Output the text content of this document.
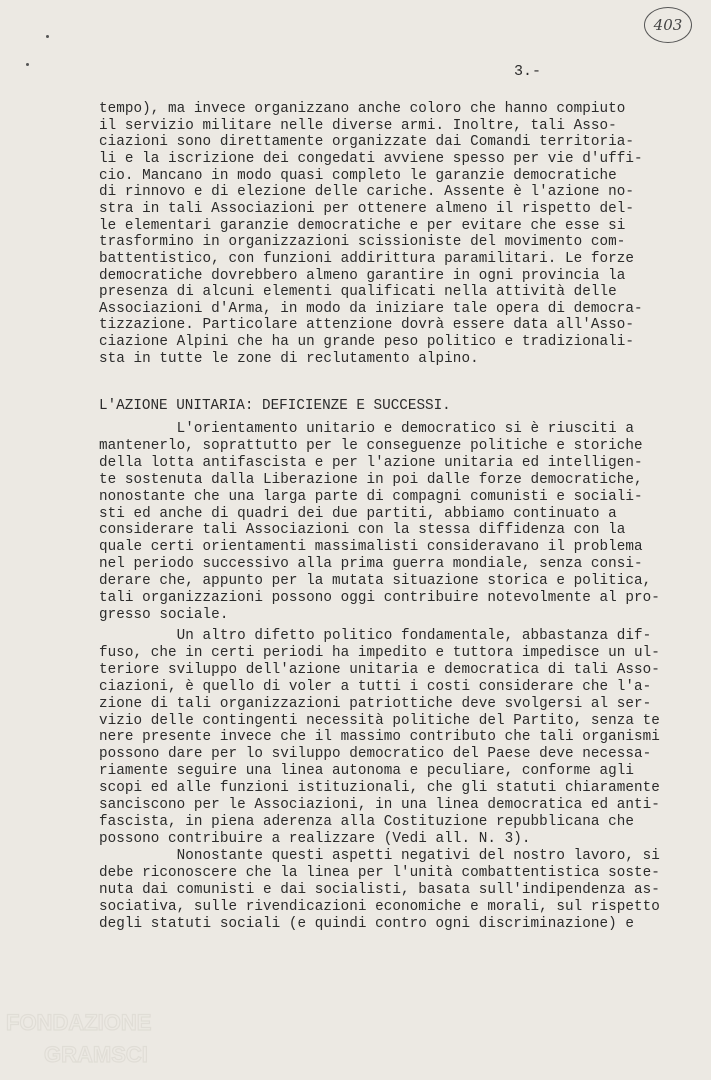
403
3.-
tempo), ma invece organizzano anche coloro che hanno compiuto
il servizio militare nelle diverse armi. Inoltre, tali Asso-
ciazioni sono direttamente organizzate dai Comandi territoria-
li e la iscrizione dei congedati avviene spesso per vie d'uffi-
cio. Mancano in modo quasi completo le garanzie democratiche
di rinnovo e di elezione delle cariche. Assente è l'azione no-
stra in tali Associazioni per ottenere almeno il rispetto del-
le elementari garanzie democratiche e per evitare che esse si
trasformino in organizzazioni scissioniste del movimento com-
battentistico, con funzioni addirittura paramilitari. Le forze
democratiche dovrebbero almeno garantire in ogni provincia la
presenza di alcuni elementi qualificati nella attività delle
Associazioni d'Arma, in modo da iniziare tale opera di democra-
tizzazione. Particolare attenzione dovrà essere data all'Asso-
ciazione Alpini che ha un grande peso politico e tradizionali-
sta in tutte le zone di reclutamento alpino.
L'AZIONE UNITARIA: DEFICIENZE E SUCCESSI.
L'orientamento unitario e democratico si è riusciti a
mantenerlo, soprattutto per le conseguenze politiche e storiche
della lotta antifascista e per l'azione unitaria ed intelligen-
te sostenuta dalla Liberazione in poi dalle forze democratiche,
nonostante che una larga parte di compagni comunisti e sociali-
sti ed anche di quadri dei due partiti, abbiamo continuato a
considerare tali Associazioni con la stessa diffidenza con la
quale certi orientamenti massimalisti consideravano il problema
nel periodo successivo alla prima guerra mondiale, senza consi-
derare che, appunto per la mutata situazione storica e politica,
tali organizzazioni possono oggi contribuire notevolmente al pro-
gresso sociale.
Un altro difetto politico fondamentale, abbastanza dif-
fuso, che in certi periodi ha impedito e tuttora impedisce un ul-
teriore sviluppo dell'azione unitaria e democratica di tali Asso-
ciazioni, è quello di voler a tutti i costi considerare che l'a-
zione di tali organizzazioni patriottiche deve svolgersi al ser-
vizio delle contingenti necessità politiche del Partito, senza te
nere presente invece che il massimo contributo che tali organismi
possono dare per lo sviluppo democratico del Paese deve necessa-
riamente seguire una linea autonoma e peculiare, conforme agli
scopi ed alle funzioni istituzionali, che gli statuti chiaramente
sanciscono per le Associazioni, in una linea democratica ed anti-
fascista, in piena aderenza alla Costituzione repubblicana che
possono contribuire a realizzare (Vedi all. N. 3).
Nonostante questi aspetti negativi del nostro lavoro, si
debe riconoscere che la linea per l'unità combattentistica soste-
nuta dai comunisti e dai socialisti, basata sull'indipendenza as-
sociativa, sulle rivendicazioni economiche e morali, sul rispetto
degli statuti sociali (e quindi contro ogni discriminazione) e
FONDAZIONE
GRAMSCI
